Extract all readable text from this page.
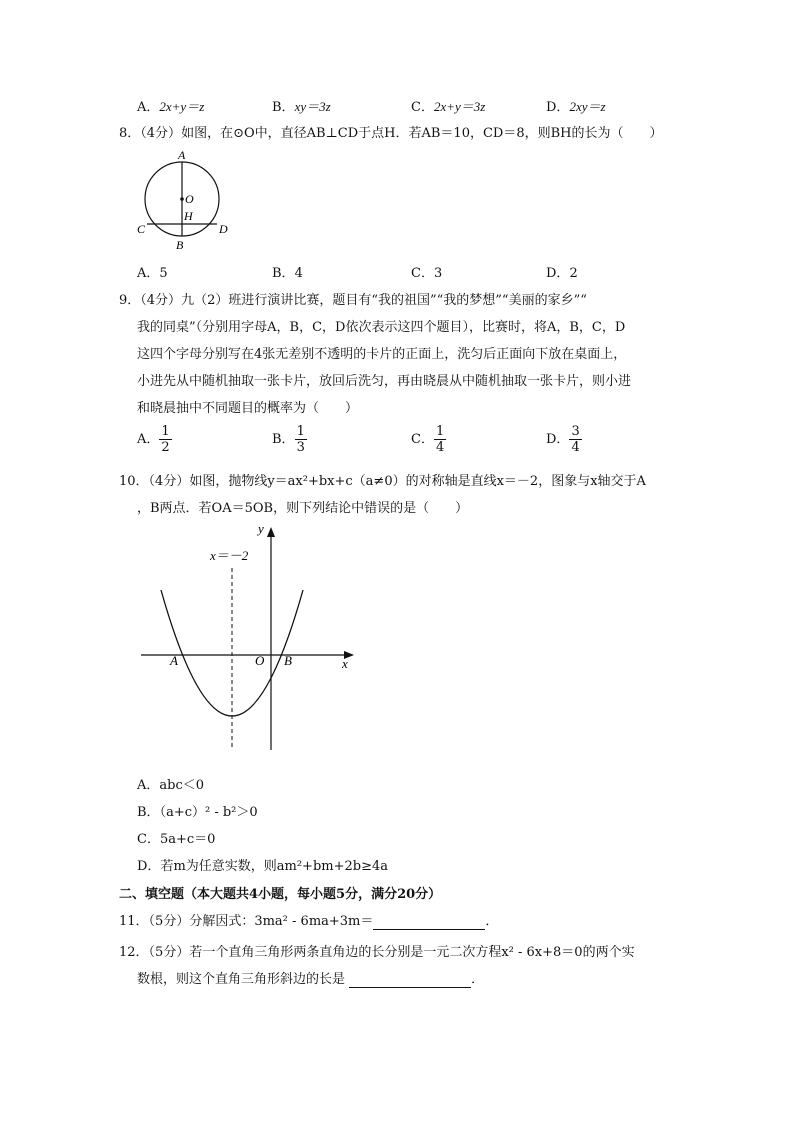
A．2x+y＝z	B．xy＝3z	C．2x+y＝3z	D．2xy＝z
8．（4分）如图，在⊙O中，直径AB⊥CD于点H．若AB＝10，CD＝8，则BH的长为（　　）
A
O
H
C	D
B
A．5	B．4	C．3	D．2
9．（4分）九（2）班进行演讲比赛，题目有“我的祖国”“我的梦想”“美丽的家乡”“
我的同桌”（分别用字母A，B，C，D依次表示这四个题目），比赛时，将A，B，C，D
这四个字母分别写在4张无差别不透明的卡片的正面上，洗匀后正面向下放在桌面上，
小进先从中随机抽取一张卡片，放回后洗匀，再由晓晨从中随机抽取一张卡片，则小进
和晓晨抽中不同题目的概率为（　　）
A． $\frac{1}{2}$	B． $\frac{1}{3}$	C． $\frac{1}{4}$	D． $\frac{3}{4}$
10．（4分）如图，抛物线y＝ax²+bx+c（a≠0）的对称轴是直线x＝－2，图象与x轴交于A
，B两点．若OA＝5OB，则下列结论中错误的是（　　）
y
x
x＝－2
A	O B
A．abc＜0
B．（a+c）² - b²＞0
C．5a+c＝0
D．若m为任意实数，则am²+bm+2b≥4a
二、填空题（本大题共4小题，每小题5分，满分20分）
11．（5分）分解因式：3ma² - 6ma+3m＝	．
12．（5分）若一个直角三角形两条直角边的长分别是一元二次方程x² - 6x+8＝0的两个实
数根，则这个直角三角形斜边的长是	．
